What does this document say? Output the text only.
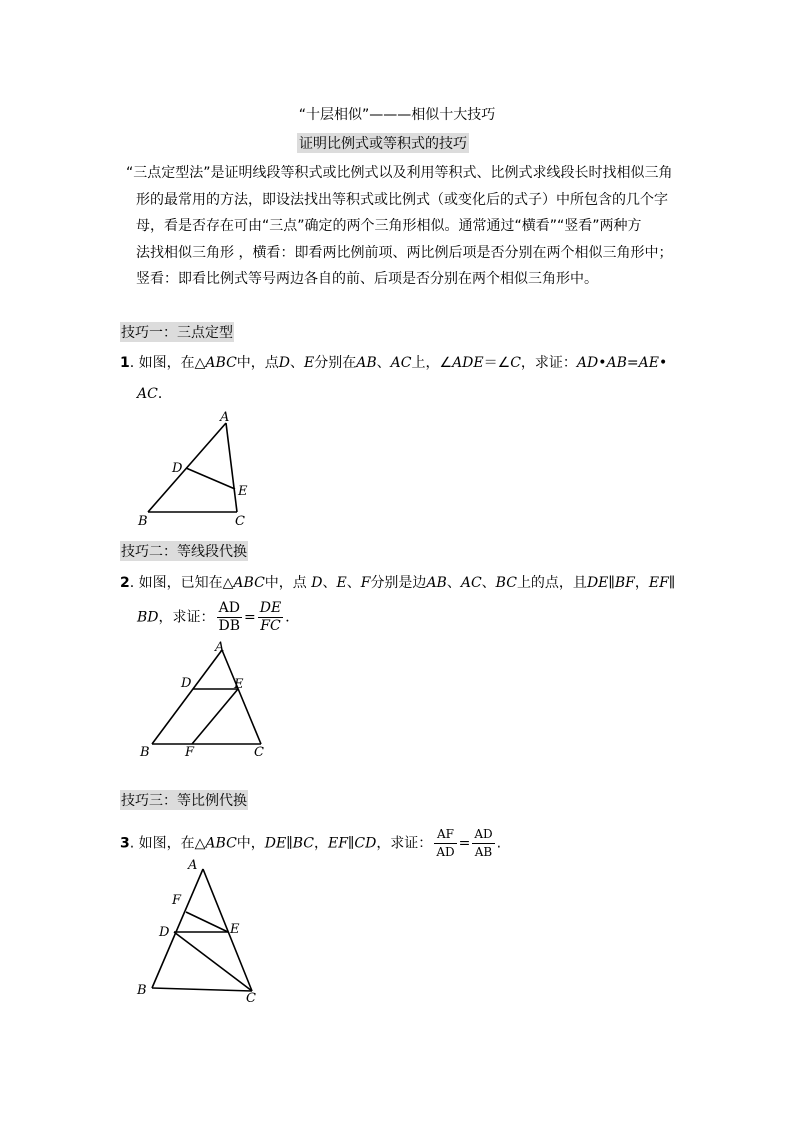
“十层相似”———相似十大技巧
证明比例式或等积式的技巧
“三点定型法”是证明线段等积式或比例式以及利用等积式、比例式求线段长时找相似三角
形的最常用的方法，即设法找出等积式或比例式（或变化后的式子）中所包含的几个字
母，看是否存在可由“三点”确定的两个三角形相似。通常通过“横看”“竖看”两种方
法找相似三角形 ，横看：即看两比例前项、两比例后项是否分别在两个相似三角形中；
竖看：即看比例式等号两边各自的前、后项是否分别在两个相似三角形中。
技巧一：三点定型
1. 如图，在△ABC中，点D、E分别在AB、AC上，∠ADE＝∠C，求证：AD•AB=AE•
AC．
A
B	C
D
E
技巧二：等线段代换
2. 如图，已知在△ABC中，点 D、E、F分别是边AB、AC、BC上的点，且DE∥BF，EF∥
BD，求证： $\frac{AD}{DB} = \frac{DE}{FC}$ ．
A
B	C
D	E
F
技巧三：等比例代换
3. 如图，在△ABC中，DE∥BC，EF∥CD，求证： $\frac{AF}{AD} = \frac{AD}{AB}$ .
A
B
C
D	E
F
